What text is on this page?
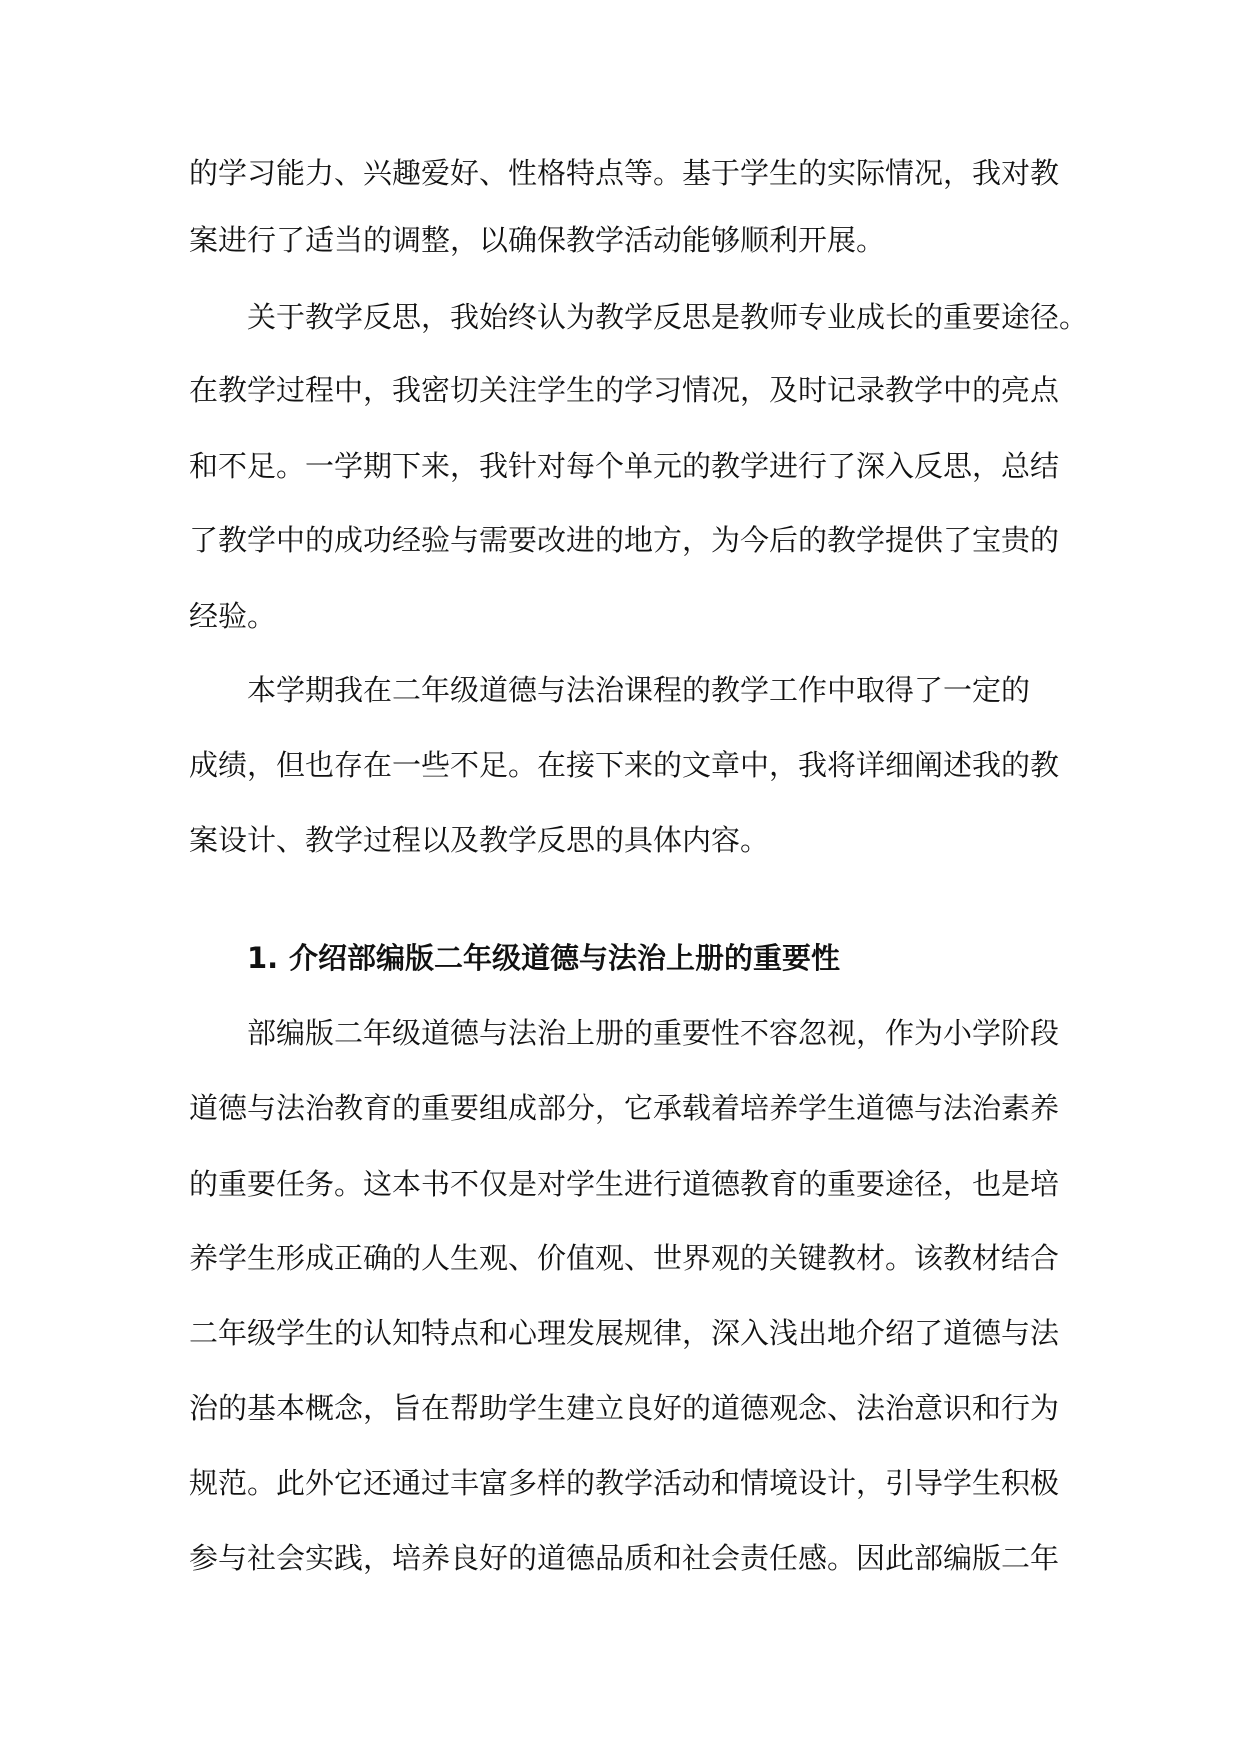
的学习能力、兴趣爱好、性格特点等。基于学生的实际情况，我对教
案进行了适当的调整，以确保教学活动能够顺利开展。
关于教学反思，我始终认为教学反思是教师专业成长的重要途径。
在教学过程中，我密切关注学生的学习情况，及时记录教学中的亮点
和不足。一学期下来，我针对每个单元的教学进行了深入反思，总结
了教学中的成功经验与需要改进的地方，为今后的教学提供了宝贵的
经验。
本学期我在二年级道德与法治课程的教学工作中取得了一定的
成绩，但也存在一些不足。在接下来的文章中，我将详细阐述我的教
案设计、教学过程以及教学反思的具体内容。
1. 介绍部编版二年级道德与法治上册的重要性
部编版二年级道德与法治上册的重要性不容忽视，作为小学阶段
道德与法治教育的重要组成部分，它承载着培养学生道德与法治素养
的重要任务。这本书不仅是对学生进行道德教育的重要途径，也是培
养学生形成正确的人生观、价值观、世界观的关键教材。该教材结合
二年级学生的认知特点和心理发展规律，深入浅出地介绍了道德与法
治的基本概念，旨在帮助学生建立良好的道德观念、法治意识和行为
规范。此外它还通过丰富多样的教学活动和情境设计，引导学生积极
参与社会实践，培养良好的道德品质和社会责任感。因此部编版二年
